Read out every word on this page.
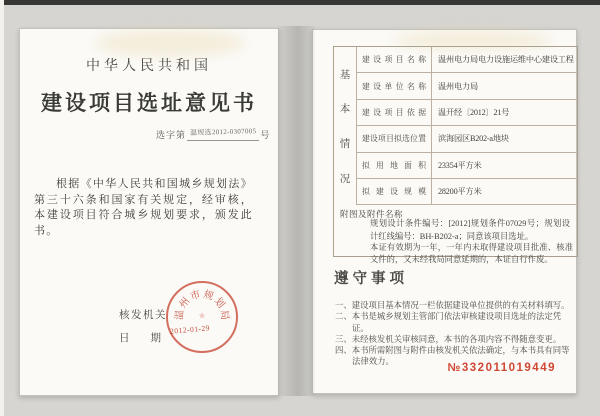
中华人民共和国
建设项目选址意见书
选字第 温规选2012-0307005 号
根据《中华人民共和国城乡规划法》第三十六条和国家有关规定，经审核，本建设项目符合城乡规划要求，颁发此书。
核发机关
日　　期
温
州
市 规
划
局
★
2012-01-29
基
本
情
况
建设项目名称	温州电力局电力设施运维中心建设工程
建设单位名称	温州电力局
建设项目依据	温开经〔2012〕21号
建设项目拟选位置	滨海园区B202-a地块
拟用地面积	23354平方米
拟建设规模	28200平方米
附图及附件名称
规划设计条件编号：[2012]规划条件07029号；规划设计红线编号：BH-B202-a；同意该项目选址。
本证有效期为一年，一年内未取得建设项目批准、核准文件的，又未经我局同意延期的，本证自行作废。
遵守事项
一、建设项目基本情况一栏依据建设单位提供的有关材料填写。
二、本书是城乡规划主管部门依法审核建设项目选址的法定凭证。
三、未经核发机关审核同意，本书的各项内容不得随意变更。
四、本书所需附图与附件由核发机关依法确定，与本书具有同等法律效力。
№332011019449
